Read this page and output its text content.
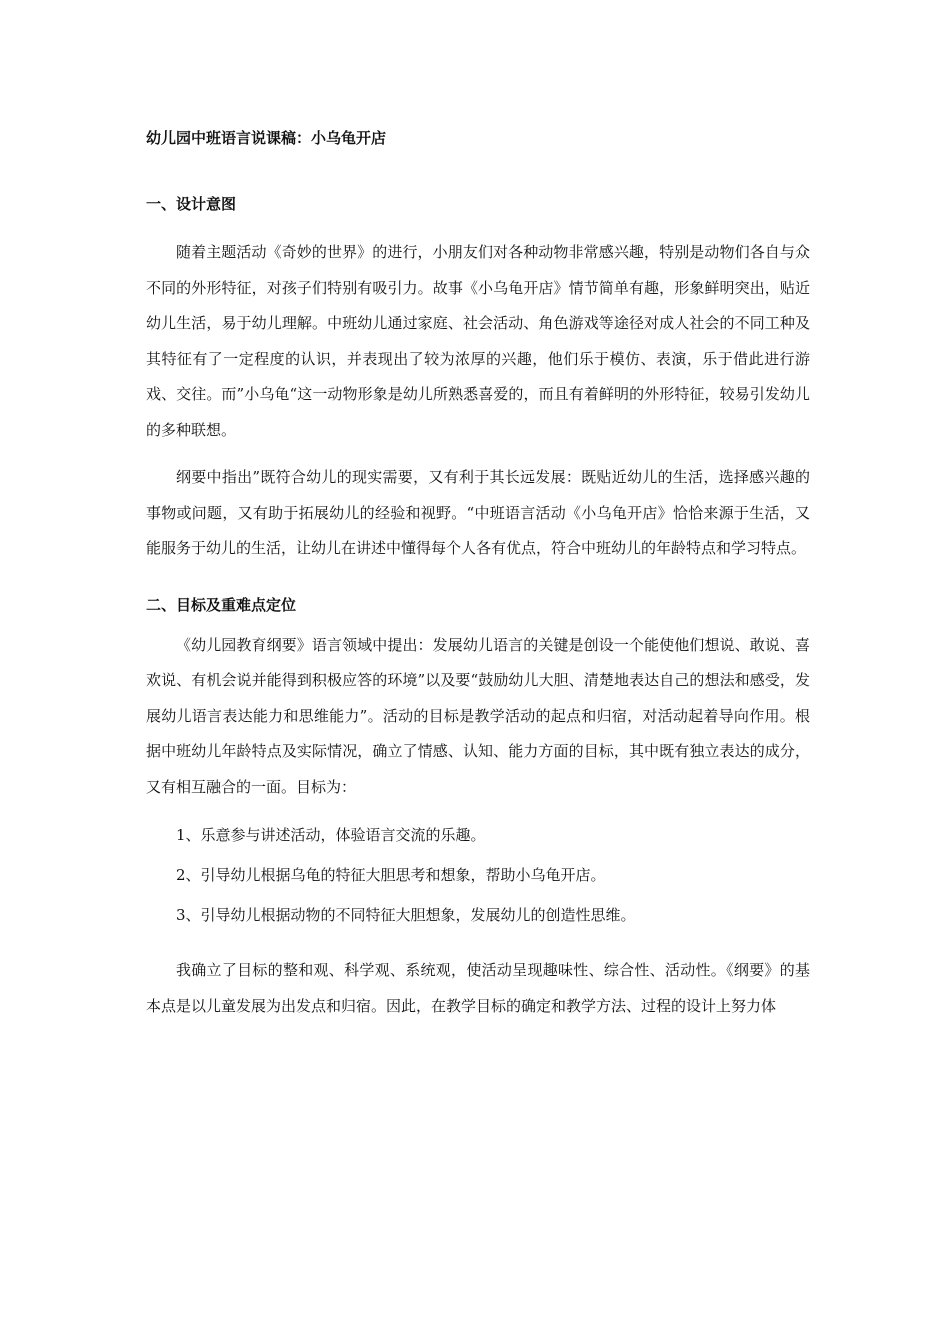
幼儿园中班语言说课稿：小乌龟开店

一、设计意图

随着主题活动《奇妙的世界》的进行，小朋友们对各种动物非常感兴趣，特别是动物们各自与众不同的外形特征，对孩子们特别有吸引力。故事《小乌龟开店》情节简单有趣，形象鲜明突出，贴近幼儿生活，易于幼儿理解。中班幼儿通过家庭、社会活动、角色游戏等途径对成人社会的不同工种及其特征有了一定程度的认识，并表现出了较为浓厚的兴趣，他们乐于模仿、表演，乐于借此进行游戏、交往。而”小乌龟“这一动物形象是幼儿所熟悉喜爱的，而且有着鲜明的外形特征，较易引发幼儿的多种联想。

纲要中指出”既符合幼儿的现实需要，又有利于其长远发展：既贴近幼儿的生活，选择感兴趣的事物或问题，又有助于拓展幼儿的经验和视野。“中班语言活动《小乌龟开店》恰恰来源于生活，又能服务于幼儿的生活，让幼儿在讲述中懂得每个人各有优点，符合中班幼儿的年龄特点和学习特点。

二、目标及重难点定位

《幼儿园教育纲要》语言领域中提出：发展幼儿语言的关键是创设一个能使他们想说、敢说、喜欢说、有机会说并能得到积极应答的环境”以及要“鼓励幼儿大胆、清楚地表达自己的想法和感受，发展幼儿语言表达能力和思维能力”。活动的目标是教学活动的起点和归宿，对活动起着导向作用。根据中班幼儿年龄特点及实际情况，确立了情感、认知、能力方面的目标，其中既有独立表达的成分，又有相互融合的一面。目标为：

1、乐意参与讲述活动，体验语言交流的乐趣。

2、引导幼儿根据乌龟的特征大胆思考和想象，帮助小乌龟开店。

3、引导幼儿根据动物的不同特征大胆想象，发展幼儿的创造性思维。

我确立了目标的整和观、科学观、系统观，使活动呈现趣味性、综合性、活动性。《纲要》的基本点是以儿童发展为出发点和归宿。因此，在教学目标的确定和教学方法、过程的设计上努力体
